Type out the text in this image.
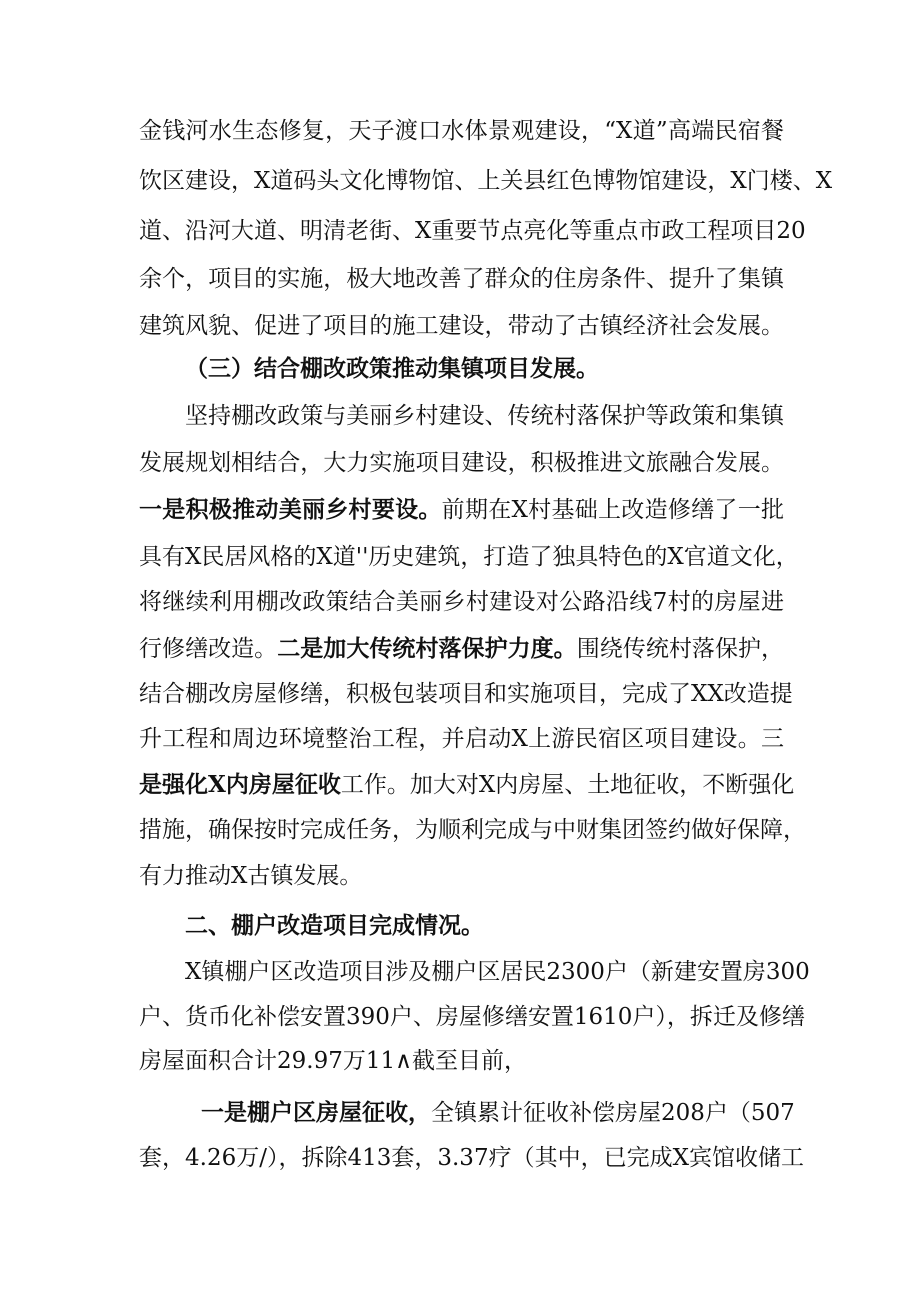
金钱河水生态修复，天子渡口水体景观建设，“X道”高端民宿餐
饮区建设，X道码头文化博物馆、上关县红色博物馆建设，X门楼、X
道、沿河大道、明清老街、X重要节点亮化等重点市政工程项目20
余个，项目的实施，极大地改善了群众的住房条件、提升了集镇
建筑风貌、促进了项目的施工建设，带动了古镇经济社会发展。
（三）结合棚改政策推动集镇项目发展。
坚持棚改政策与美丽乡村建设、传统村落保护等政策和集镇
发展规划相结合，大力实施项目建设，积极推进文旅融合发展。
一是积极推动美丽乡村要设。前期在X村基础上改造修缮了一批
具有X民居风格的X道''历史建筑，打造了独具特色的X官道文化，
将继续利用棚改政策结合美丽乡村建设对公路沿线7村的房屋进
行修缮改造。二是加大传统村落保护力度。围绕传统村落保护，
结合棚改房屋修缮，积极包装项目和实施项目，完成了XX改造提
升工程和周边环境整治工程，并启动X上游民宿区项目建设。三
是强化X内房屋征收工作。加大对X内房屋、土地征收，不断强化
措施，确保按时完成任务，为顺利完成与中财集团签约做好保障，
有力推动X古镇发展。
二、棚户改造项目完成情况。
X镇棚户区改造项目涉及棚户区居民2300户（新建安置房300
户、货币化补偿安置390户、房屋修缮安置1610户），拆迁及修缮
房屋面积合计29.97万11∧截至目前，
一是棚户区房屋征收，全镇累计征收补偿房屋208户（507
套，4.26万/），拆除413套，3.37疗（其中，已完成X宾馆收储工
